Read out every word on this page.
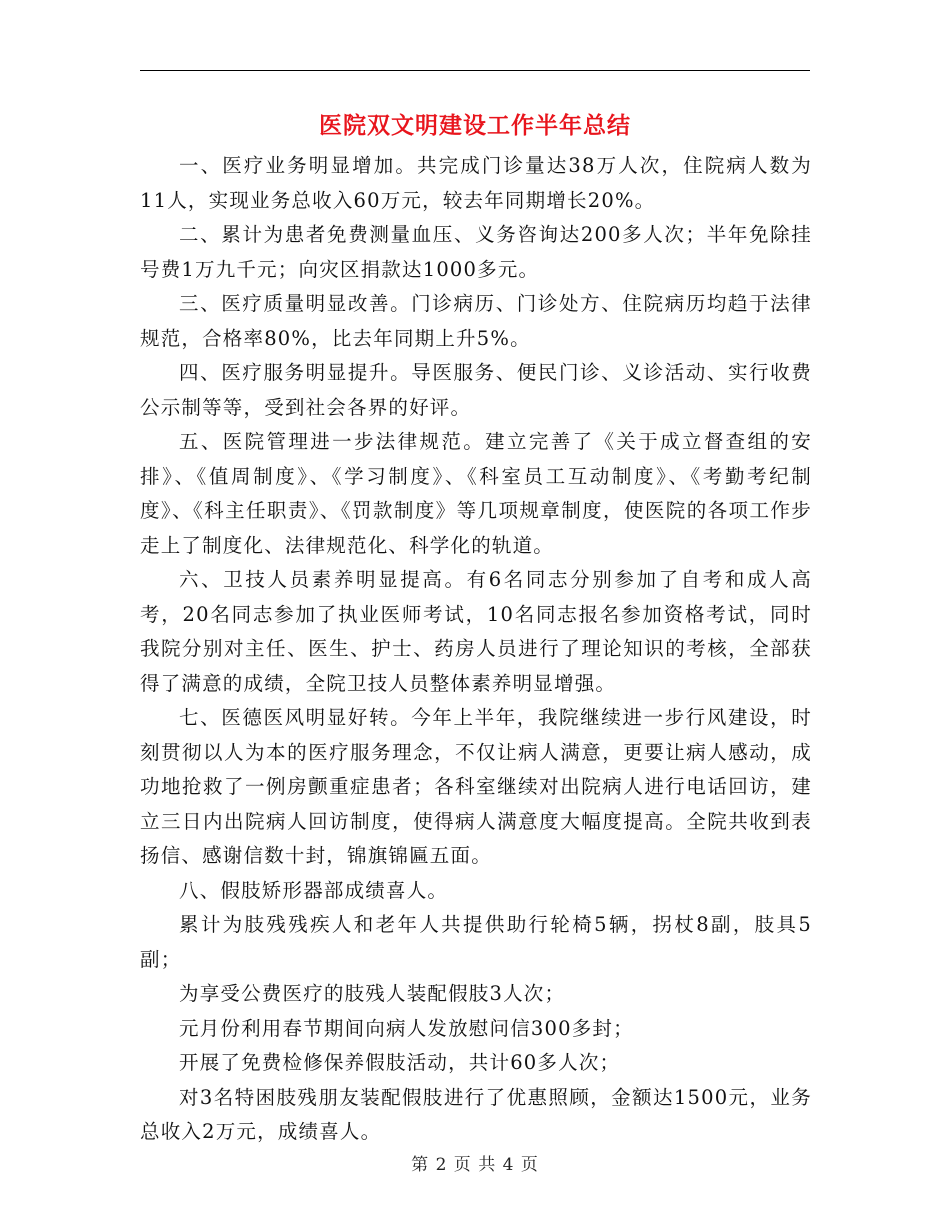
医院双文明建设工作半年总结

一、医疗业务明显增加。共完成门诊量达38万人次，住院病人数为11人，实现业务总收入60万元，较去年同期增长20%。

二、累计为患者免费测量血压、义务咨询达200多人次；半年免除挂号费1万九千元；向灾区捐款达1000多元。

三、医疗质量明显改善。门诊病历、门诊处方、住院病历均趋于法律规范，合格率80%，比去年同期上升5%。

四、医疗服务明显提升。导医服务、便民门诊、义诊活动、实行收费公示制等等，受到社会各界的好评。

五、医院管理进一步法律规范。建立完善了《关于成立督查组的安排》、《值周制度》、《学习制度》、《科室员工互动制度》、《考勤考纪制度》、《科主任职责》、《罚款制度》等几项规章制度，使医院的各项工作步走上了制度化、法律规范化、科学化的轨道。

六、卫技人员素养明显提高。有6名同志分别参加了自考和成人高考，20名同志参加了执业医师考试，10名同志报名参加资格考试，同时我院分别对主任、医生、护士、药房人员进行了理论知识的考核，全部获得了满意的成绩，全院卫技人员整体素养明显增强。

七、医德医风明显好转。今年上半年，我院继续进一步行风建设，时刻贯彻以人为本的医疗服务理念，不仅让病人满意，更要让病人感动，成功地抢救了一例房颤重症患者；各科室继续对出院病人进行电话回访，建立三日内出院病人回访制度，使得病人满意度大幅度提高。全院共收到表扬信、感谢信数十封，锦旗锦匾五面。

八、假肢矫形器部成绩喜人。

累计为肢残残疾人和老年人共提供助行轮椅5辆，拐杖8副，肢具5副；

为享受公费医疗的肢残人装配假肢3人次；

元月份利用春节期间向病人发放慰问信300多封；

开展了免费检修保养假肢活动，共计60多人次；

对3名特困肢残朋友装配假肢进行了优惠照顾，金额达1500元，业务总收入2万元，成绩喜人。

第 2 页 共 4 页
